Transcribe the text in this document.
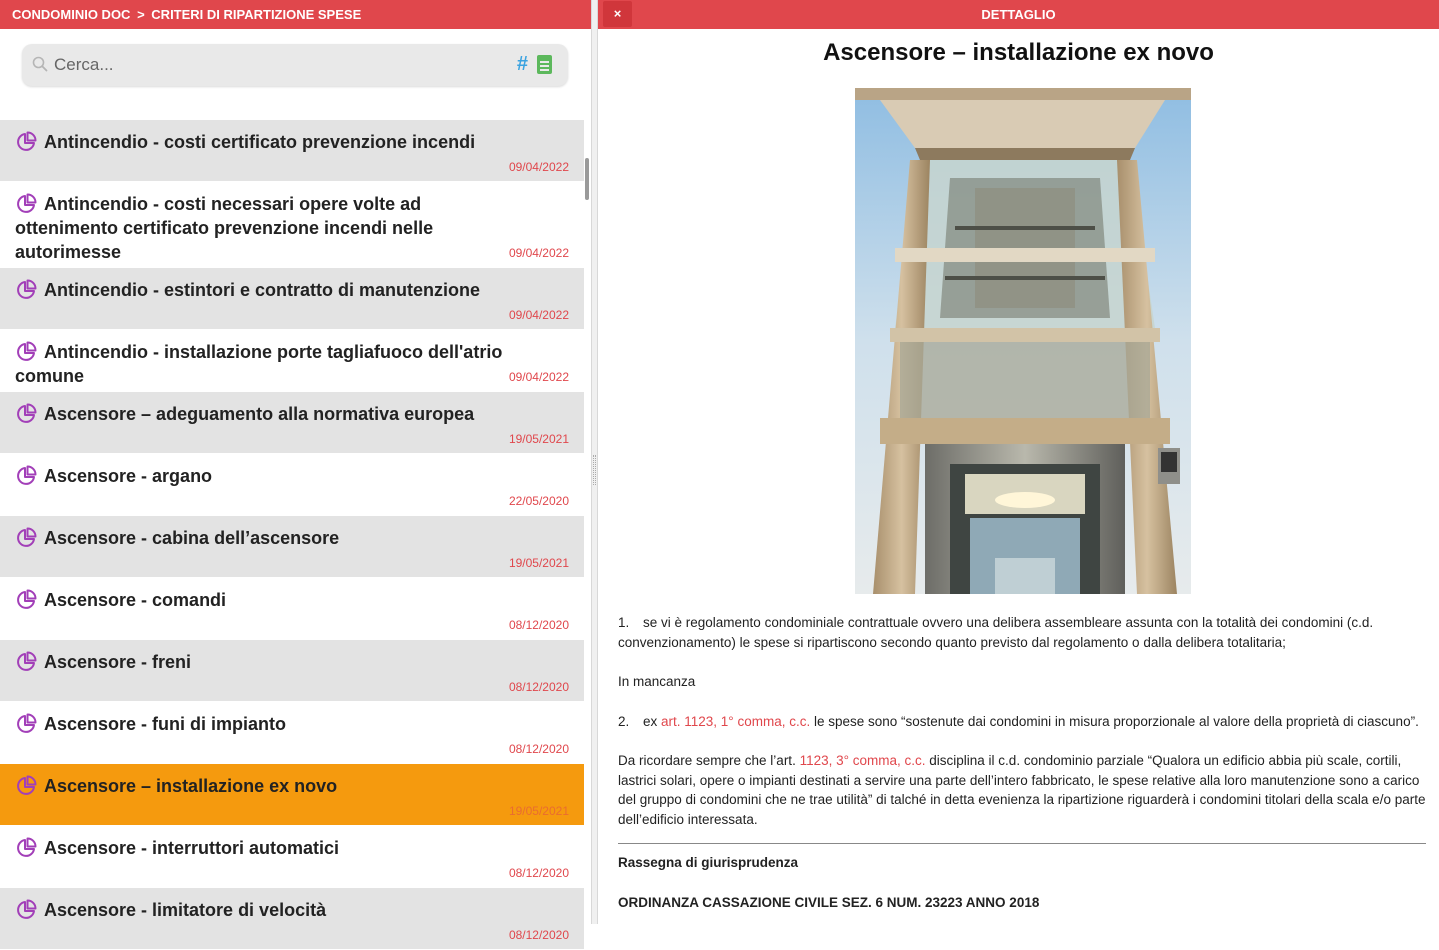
CONDOMINIO DOC > CRITERI DI RIPARTIZIONE SPESE
Cerca...
#
Antincendio - costi certificato prevenzione incendi
09/04/2022
Antincendio - costi necessari opere volte ad ottenimento certificato prevenzione incendi nelle autorimesse	09/04/2022
Antincendio - estintori e contratto di manutenzione
09/04/2022
Antincendio - installazione porte tagliafuoco dell'atrio comune	09/04/2022
Ascensore – adeguamento alla normativa europea
19/05/2021
Ascensore - argano
22/05/2020
Ascensore - cabina dell’ascensore
19/05/2021
Ascensore - comandi
08/12/2020
Ascensore - freni
08/12/2020
Ascensore - funi di impianto
08/12/2020
Ascensore – installazione ex novo
19/05/2021
Ascensore - interruttori automatici
08/12/2020
Ascensore - limitatore di velocità
08/12/2020
×	DETTAGLIO
Ascensore – installazione ex novo

1. se vi è regolamento condominiale contrattuale ovvero una delibera assembleare assunta con la totalità dei condomini (c.d. convenzionamento) le spese si ripartiscono secondo quanto previsto dal regolamento o dalla delibera totalitaria;

In mancanza

2. ex art. 1123, 1° comma, c.c. le spese sono “sostenute dai condomini in misura proporzionale al valore della proprietà di ciascuno”.

Da ricordare sempre che l’art. 1123, 3° comma, c.c. disciplina il c.d. condominio parziale “Qualora un edificio abbia più scale, cortili, lastrici solari, opere o impianti destinati a servire una parte dell’intero fabbricato, le spese relative alla loro manutenzione sono a carico del gruppo di condomini che ne trae utilità” di talché in detta evenienza la ripartizione riguarderà i condomini titolari della scala e/o parte dell’edificio interessata.

Rassegna di giurisprudenza

ORDINANZA CASSAZIONE CIVILE SEZ. 6 NUM. 23223 ANNO 2018
